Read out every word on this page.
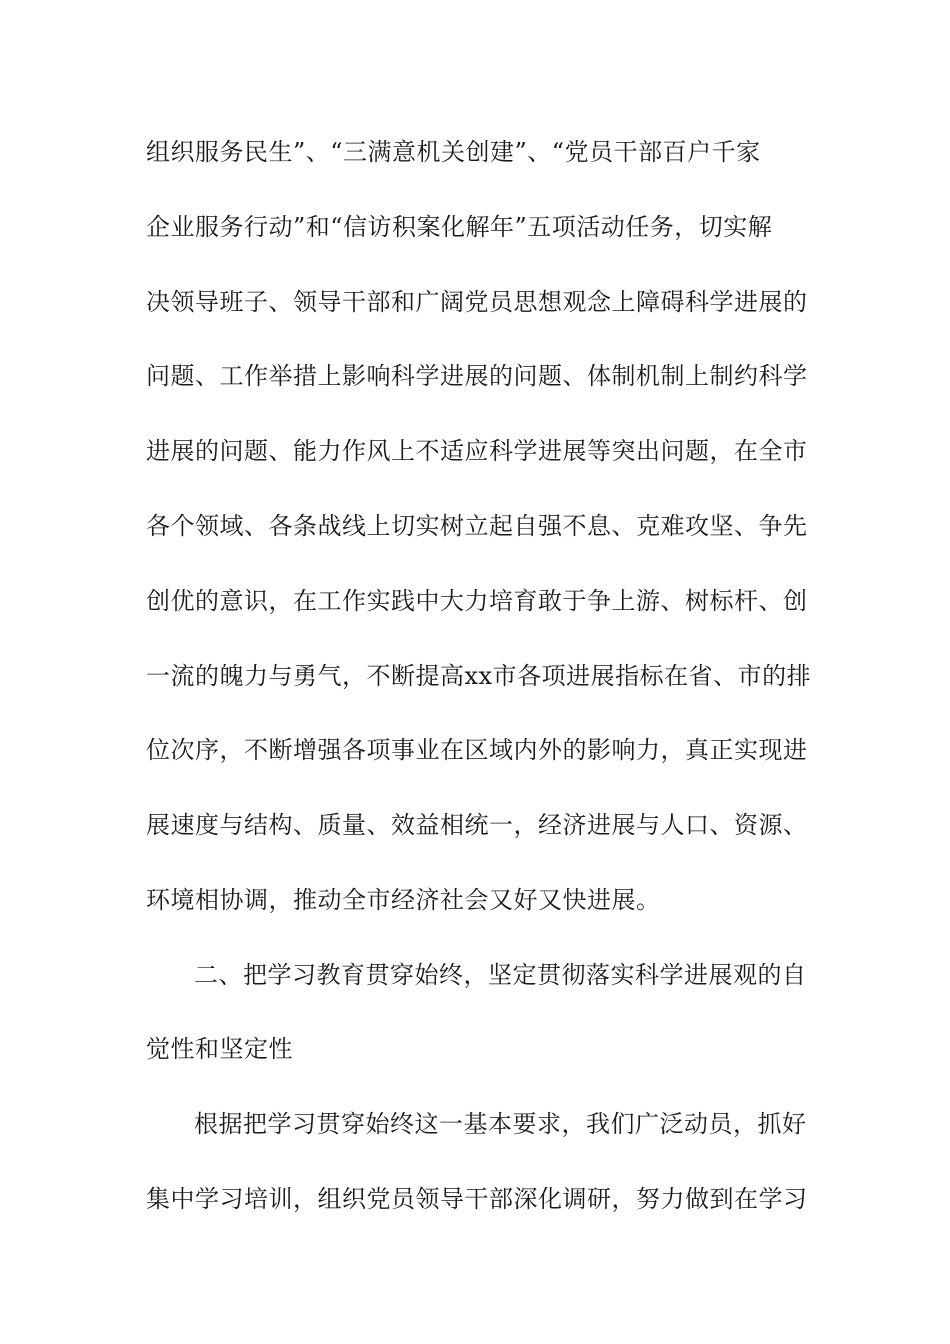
组织服务民生”、“三满意机关创建”、“党员干部百户千家
企业服务行动”和“信访积案化解年”五项活动任务，切实解
决领导班子、领导干部和广阔党员思想观念上障碍科学进展的
问题、工作举措上影响科学进展的问题、体制机制上制约科学
进展的问题、能力作风上不适应科学进展等突出问题，在全市
各个领域、各条战线上切实树立起自强不息、克难攻坚、争先
创优的意识，在工作实践中大力培育敢于争上游、树标杆、创
一流的魄力与勇气，不断提高xx市各项进展指标在省、市的排
位次序，不断增强各项事业在区域内外的影响力，真正实现进
展速度与结构、质量、效益相统一，经济进展与人口、资源、
环境相协调，推动全市经济社会又好又快进展。
二、把学习教育贯穿始终，坚定贯彻落实科学进展观的自
觉性和坚定性
根据把学习贯穿始终这一基本要求，我们广泛动员，抓好
集中学习培训，组织党员领导干部深化调研，努力做到在学习
